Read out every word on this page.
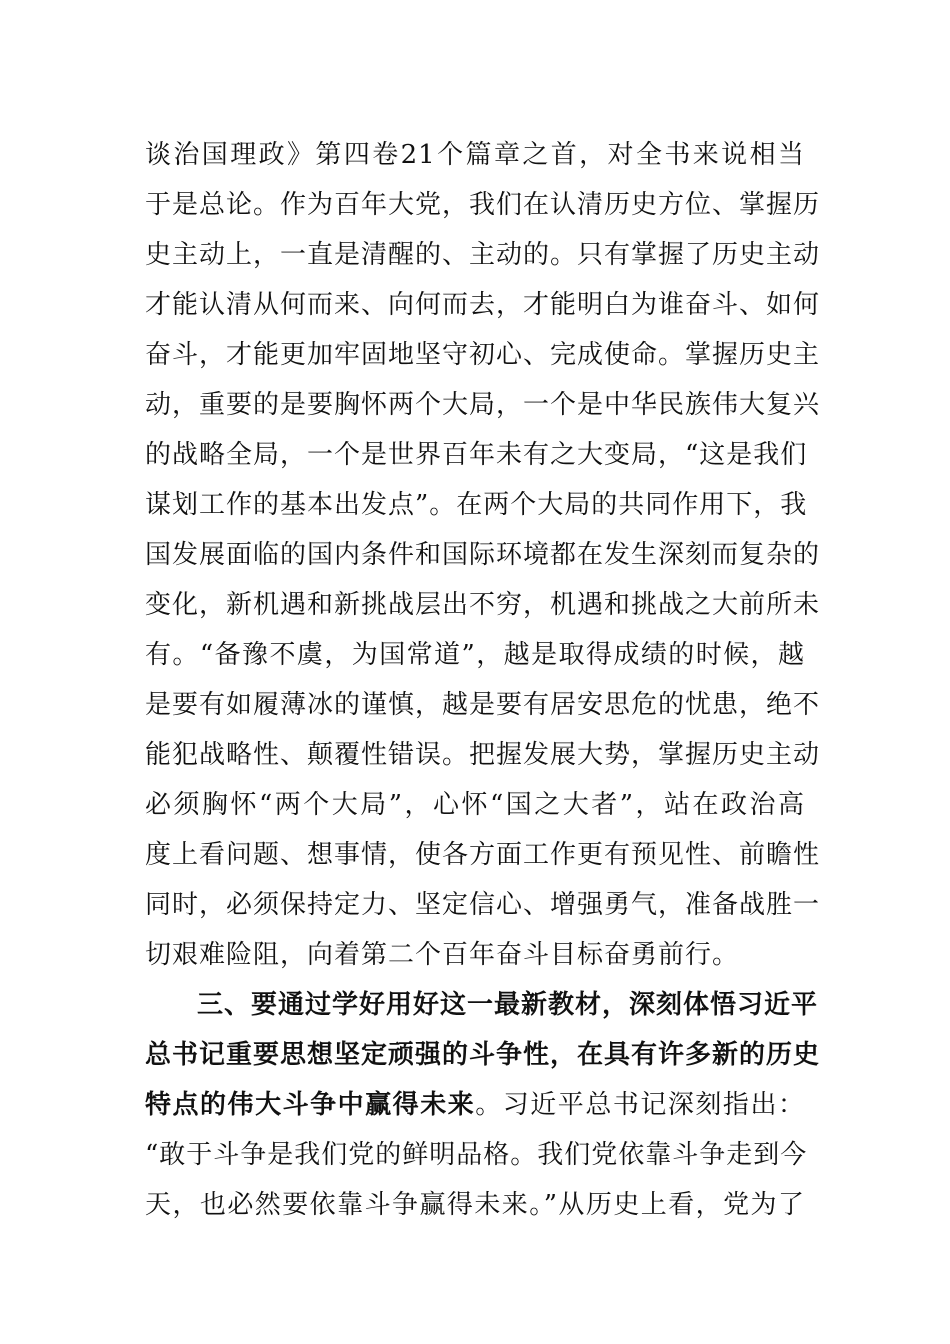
谈治国理政》第四卷21个篇章之首，对全书来说相当
于是总论。作为百年大党，我们在认清历史方位、掌握历
史主动上，一直是清醒的、主动的。只有掌握了历史主动
才能认清从何而来、向何而去，才能明白为谁奋斗、如何
奋斗，才能更加牢固地坚守初心、完成使命。掌握历史主
动，重要的是要胸怀两个大局，一个是中华民族伟大复兴
的战略全局，一个是世界百年未有之大变局，“这是我们
谋划工作的基本出发点”。在两个大局的共同作用下，我
国发展面临的国内条件和国际环境都在发生深刻而复杂的
变化，新机遇和新挑战层出不穷，机遇和挑战之大前所未
有。“备豫不虞，为国常道”，越是取得成绩的时候，越
是要有如履薄冰的谨慎，越是要有居安思危的忧患，绝不
能犯战略性、颠覆性错误。把握发展大势，掌握历史主动
必须胸怀“两个大局”，心怀“国之大者”，站在政治高
度上看问题、想事情，使各方面工作更有预见性、前瞻性
同时，必须保持定力、坚定信心、增强勇气，准备战胜一
切艰难险阻，向着第二个百年奋斗目标奋勇前行。
三、要通过学好用好这一最新教材，深刻体悟习近平
总书记重要思想坚定顽强的斗争性，在具有许多新的历史
特点的伟大斗争中赢得未来。习近平总书记深刻指出：
“敢于斗争是我们党的鲜明品格。我们党依靠斗争走到今
天，也必然要依靠斗争赢得未来。”从历史上看，党为了
